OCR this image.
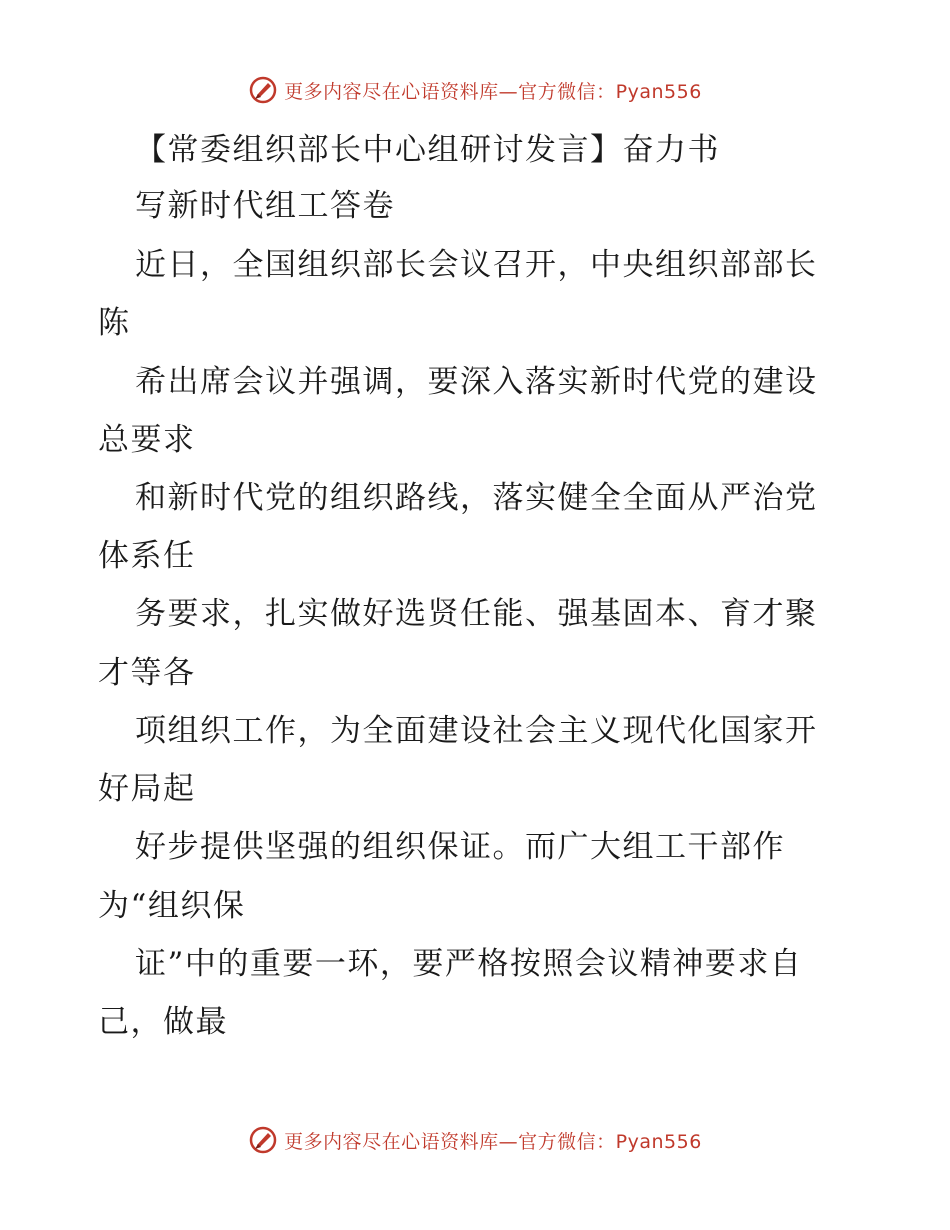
更多内容尽在心语资料库—官方微信：Pyan556
【常委组织部长中心组研讨发言】奋力书
写新时代组工答卷
近日，全国组织部长会议召开，中央组织部部长
陈
希出席会议并强调，要深入落实新时代党的建设
总要求
和新时代党的组织路线，落实健全全面从严治党
体系任
务要求，扎实做好选贤任能、强基固本、育才聚
才等各
项组织工作，为全面建设社会主义现代化国家开
好局起
好步提供坚强的组织保证。而广大组工干部作
为“组织保
证”中的重要一环，要严格按照会议精神要求自
己，做最
更多内容尽在心语资料库—官方微信：Pyan556
